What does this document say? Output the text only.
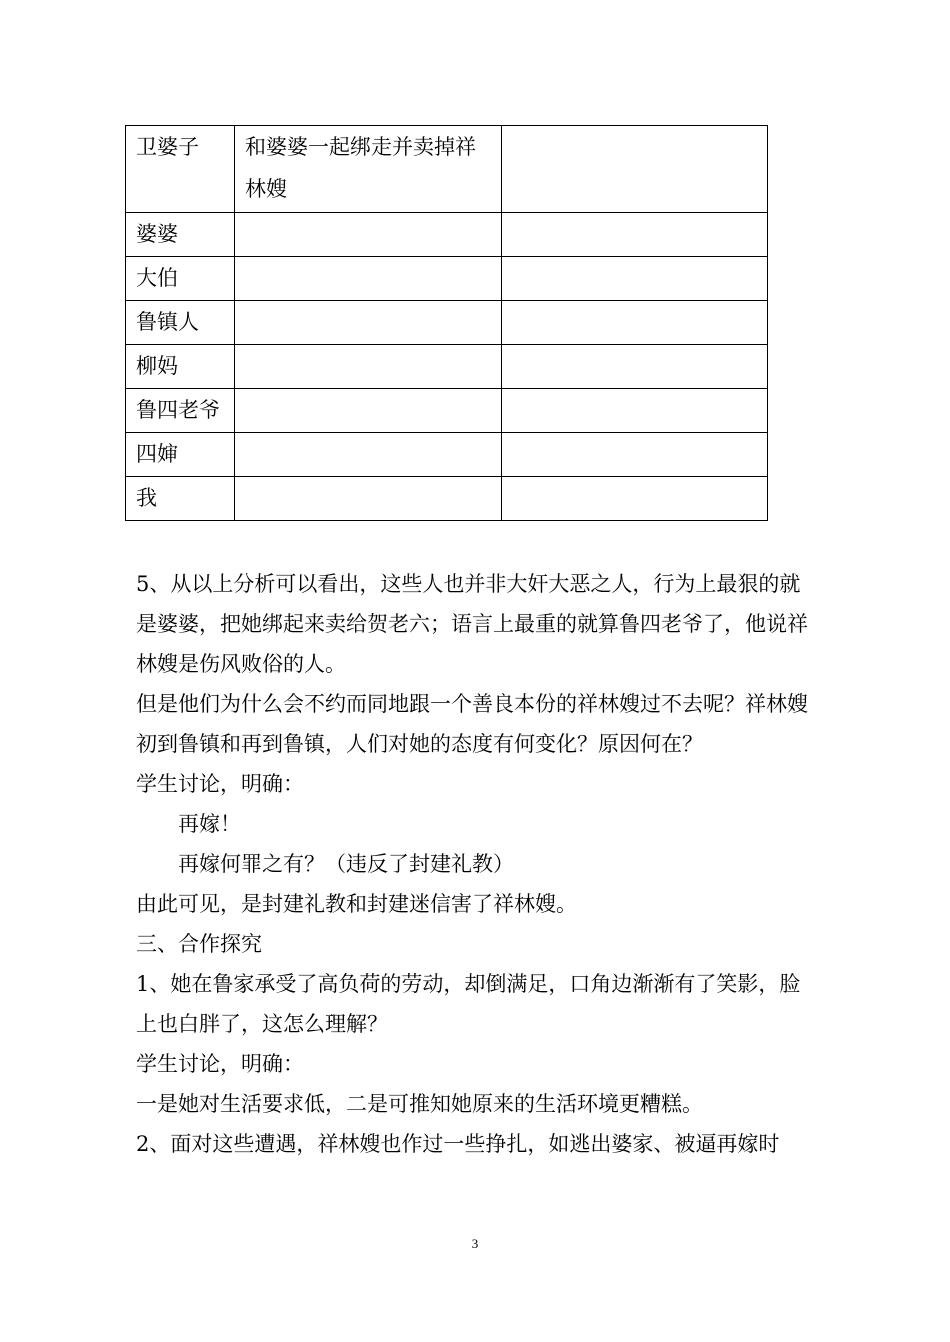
卫婆子	和婆婆一起绑走并卖掉祥林嫂	
婆婆		
大伯		
鲁镇人		
柳妈		
鲁四老爷		
四婶		
我		

5、从以上分析可以看出，这些人也并非大奸大恶之人，行为上最狠的就是婆婆，把她绑起来卖给贺老六；语言上最重的就算鲁四老爷了，他说祥林嫂是伤风败俗的人。

但是他们为什么会不约而同地跟一个善良本份的祥林嫂过不去呢？祥林嫂初到鲁镇和再到鲁镇，人们对她的态度有何变化？原因何在？

学生讨论，明确：

再嫁！

再嫁何罪之有？（违反了封建礼教）

由此可见，是封建礼教和封建迷信害了祥林嫂。

三、合作探究

1、她在鲁家承受了高负荷的劳动，却倒满足，口角边渐渐有了笑影，脸上也白胖了，这怎么理解？

学生讨论，明确：

一是她对生活要求低，二是可推知她原来的生活环境更糟糕。

2、面对这些遭遇，祥林嫂也作过一些挣扎，如逃出婆家、被逼再嫁时

3
